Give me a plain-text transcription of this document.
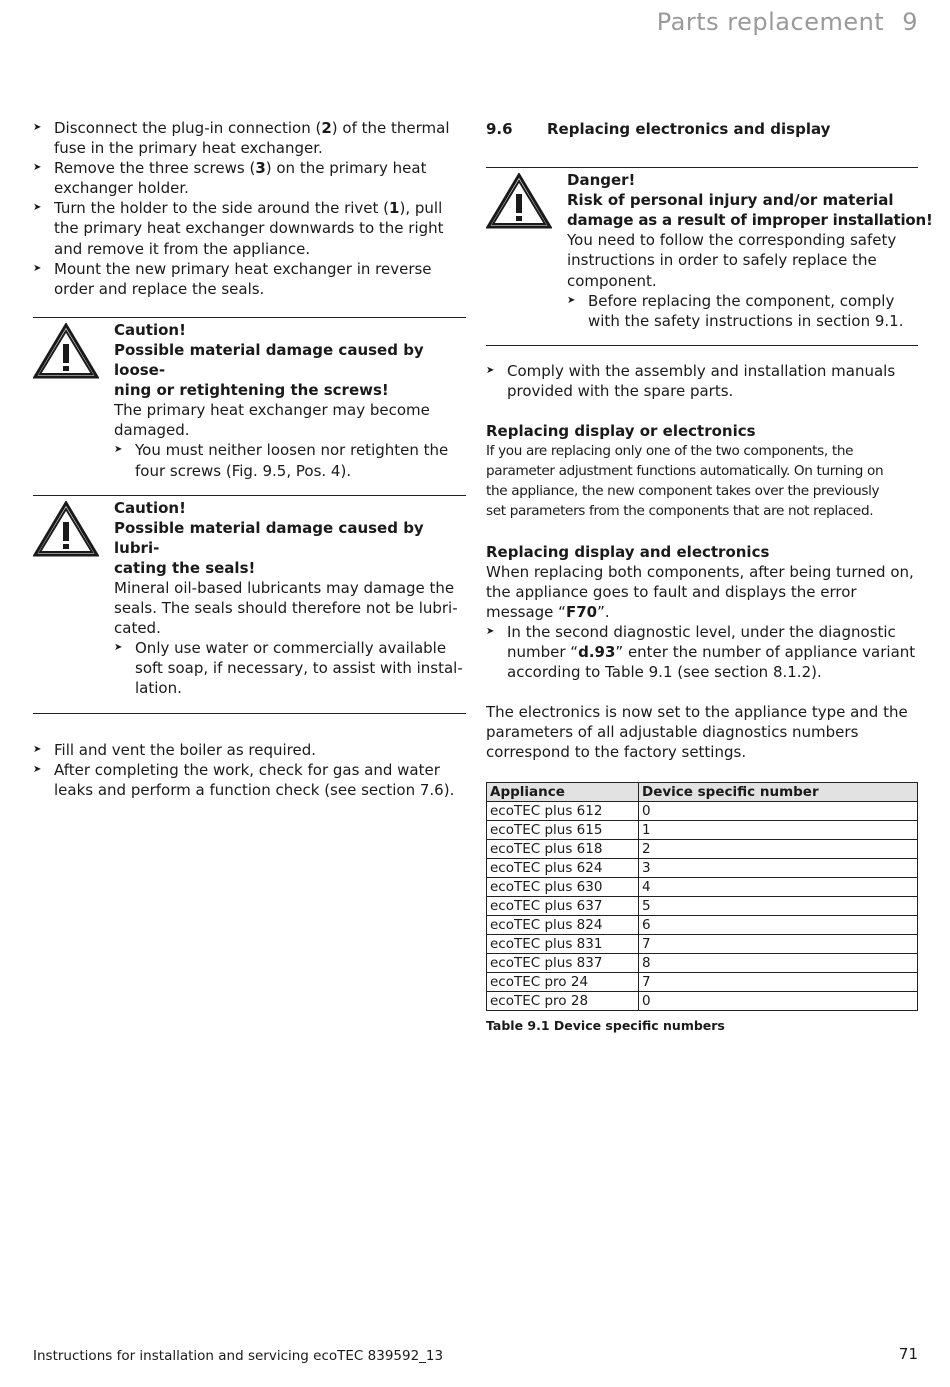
Parts replacement 9
➤ Disconnect the plug-in connection (2) of the thermal fuse in the primary heat exchanger.
➤ Remove the three screws (3) on the primary heat exchanger holder.
➤ Turn the holder to the side around the rivet (1), pull the primary heat exchanger downwards to the right and remove it from the appliance.
➤ Mount the new primary heat exchanger in reverse order and replace the seals.

Caution!

Possible material damage caused by loose-

ning or retightening the screws!

The primary heat exchanger may become damaged.

➤ You must neither loosen nor retighten the
four screws (Fig. 9.5, Pos. 4).

Caution!

Possible material damage caused by lubri-

cating the seals!

Mineral oil-based lubricants may damage the

seals. The seals should therefore not be lubri-

cated.

➤ Only use water or commercially available
soft soap, if necessary, to assist with instal-
lation.
➤ Fill and vent the boiler as required.
➤ After completing the work, check for gas and water leaks and perform a function check (see section 7.6).
9.6	Replacing electronics and display

Danger!

Risk of personal injury and/or material

damage as a result of improper installation!

You need to follow the corresponding safety instructions in order to safely replace the component.

➤ Before replacing the component, comply with the safety instructions in section 9.1.
➤ Comply with the assembly and installation manuals provided with the spare parts.

Replacing display or electronics

If you are replacing only one of the two components, the
parameter adjustment functions automatically. On turning on
the appliance, the new component takes over the previously
set parameters from the components that are not replaced.

Replacing display and electronics

When replacing both components, after being turned on, the appliance goes to fault and displays the error message “F70”.

➤ In the second diagnostic level, under the diagnostic number “d.93” enter the number of appliance variant according to Table 9.1 (see section 8.1.2).

The electronics is now set to the appliance type and the parameters of all adjustable diagnostics numbers correspond to the factory settings.

Appliance	Device specific number
ecoTEC plus 612	0
ecoTEC plus 615	1
ecoTEC plus 618	2
ecoTEC plus 624	3
ecoTEC plus 630	4
ecoTEC plus 637	5
ecoTEC plus 824	6
ecoTEC plus 831	7
ecoTEC plus 837	8
ecoTEC pro 24	7
ecoTEC pro 28	0

Table 9.1 Device specific numbers

Instructions for installation and servicing ecoTEC 839592_13	71
